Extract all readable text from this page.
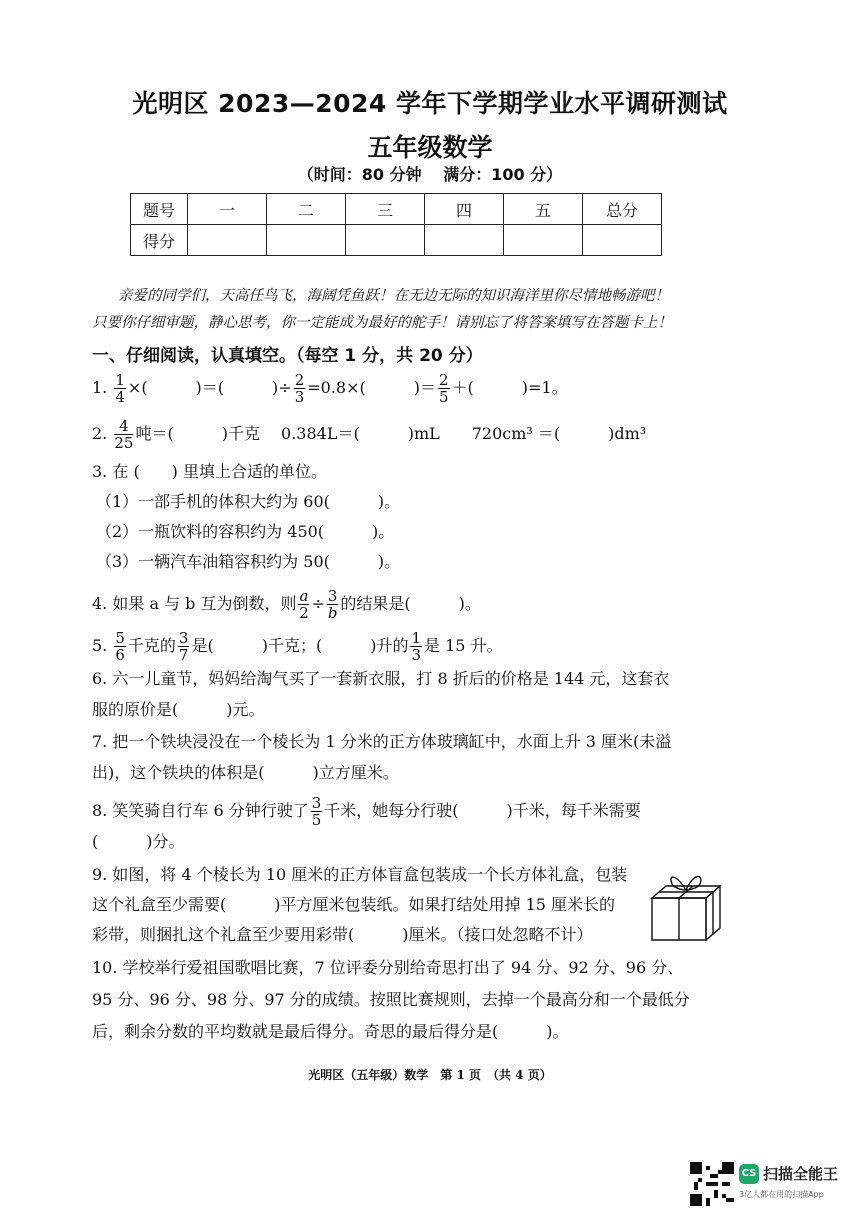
光明区 2023—2024 学年下学期学业水平调研测试
五年级数学
（时间：80 分钟　 满分：100 分）
题号	一	二	三	四	五	总分
得分						
亲爱的同学们，天高任鸟飞，海阔凭鱼跃！在无边无际的知识海洋里你尽情地畅游吧！
只要你仔细审题，静心思考，你一定能成为最好的舵手！请别忘了将答案填写在答题卡上！
一、仔细阅读，认真填空。（每空 1 分，共 20 分）
1. $\frac{1}{4}$ ×(　　　)＝(　　　)÷ $\frac{2}{3} =0.8\times$(　　　)＝ $\frac{2}{5}$ ＋(　　　)=1。
2. $\frac{4}{25}$ 吨＝(　　　)千克　 0.384L＝(　　　)mL　　720cm³ ＝(　　　)dm³
3. 在 (　　) 里填上合适的单位。
（1）一部手机的体积大约为 60(　　　)。
（2）一瓶饮料的容积约为 450(　　　)。
（3）一辆汽车油箱容积约为 50(　　　)。
4. 如果 a 与 b 互为倒数，则 $\frac{a}{2} \div \frac{3}{b}$ 的结果是(　　　)。
5. $\frac{5}{6}$ 千克的 $\frac{3}{7}$ 是(　　　)千克；(　　　)升的 $\frac{1}{3}$ 是 15 升。
6. 六一儿童节，妈妈给淘气买了一套新衣服，打 8 折后的价格是 144 元，这套衣
服的原价是(　　　)元。
7. 把一个铁块浸没在一个棱长为 1 分米的正方体玻璃缸中，水面上升 3 厘米(未溢
出)，这个铁块的体积是(　　　)立方厘米。
8. 笑笑骑自行车 6 分钟行驶了 $\frac{3}{5}$ 千米，她每分行驶(　　　)千米，每千米需要
(　　　)分。
9. 如图，将 4 个棱长为 10 厘米的正方体盲盒包装成一个长方体礼盒，包装
这个礼盒至少需要(　　　)平方厘米包装纸。如果打结处用掉 15 厘米长的
彩带，则捆扎这个礼盒至少要用彩带(　　　)厘米。（接口处忽略不计）
10. 学校举行爱祖国歌唱比赛，7 位评委分别给奇思打出了 94 分、92 分、96 分、
95 分、96 分、98 分、97 分的成绩。按照比赛规则，去掉一个最高分和一个最低分
后，剩余分数的平均数就是最后得分。奇思的最后得分是(　　　)。
光明区（五年级）数学　第 1 页　（共 4 页）
CS 扫描全能王
3亿人都在用的扫描App
